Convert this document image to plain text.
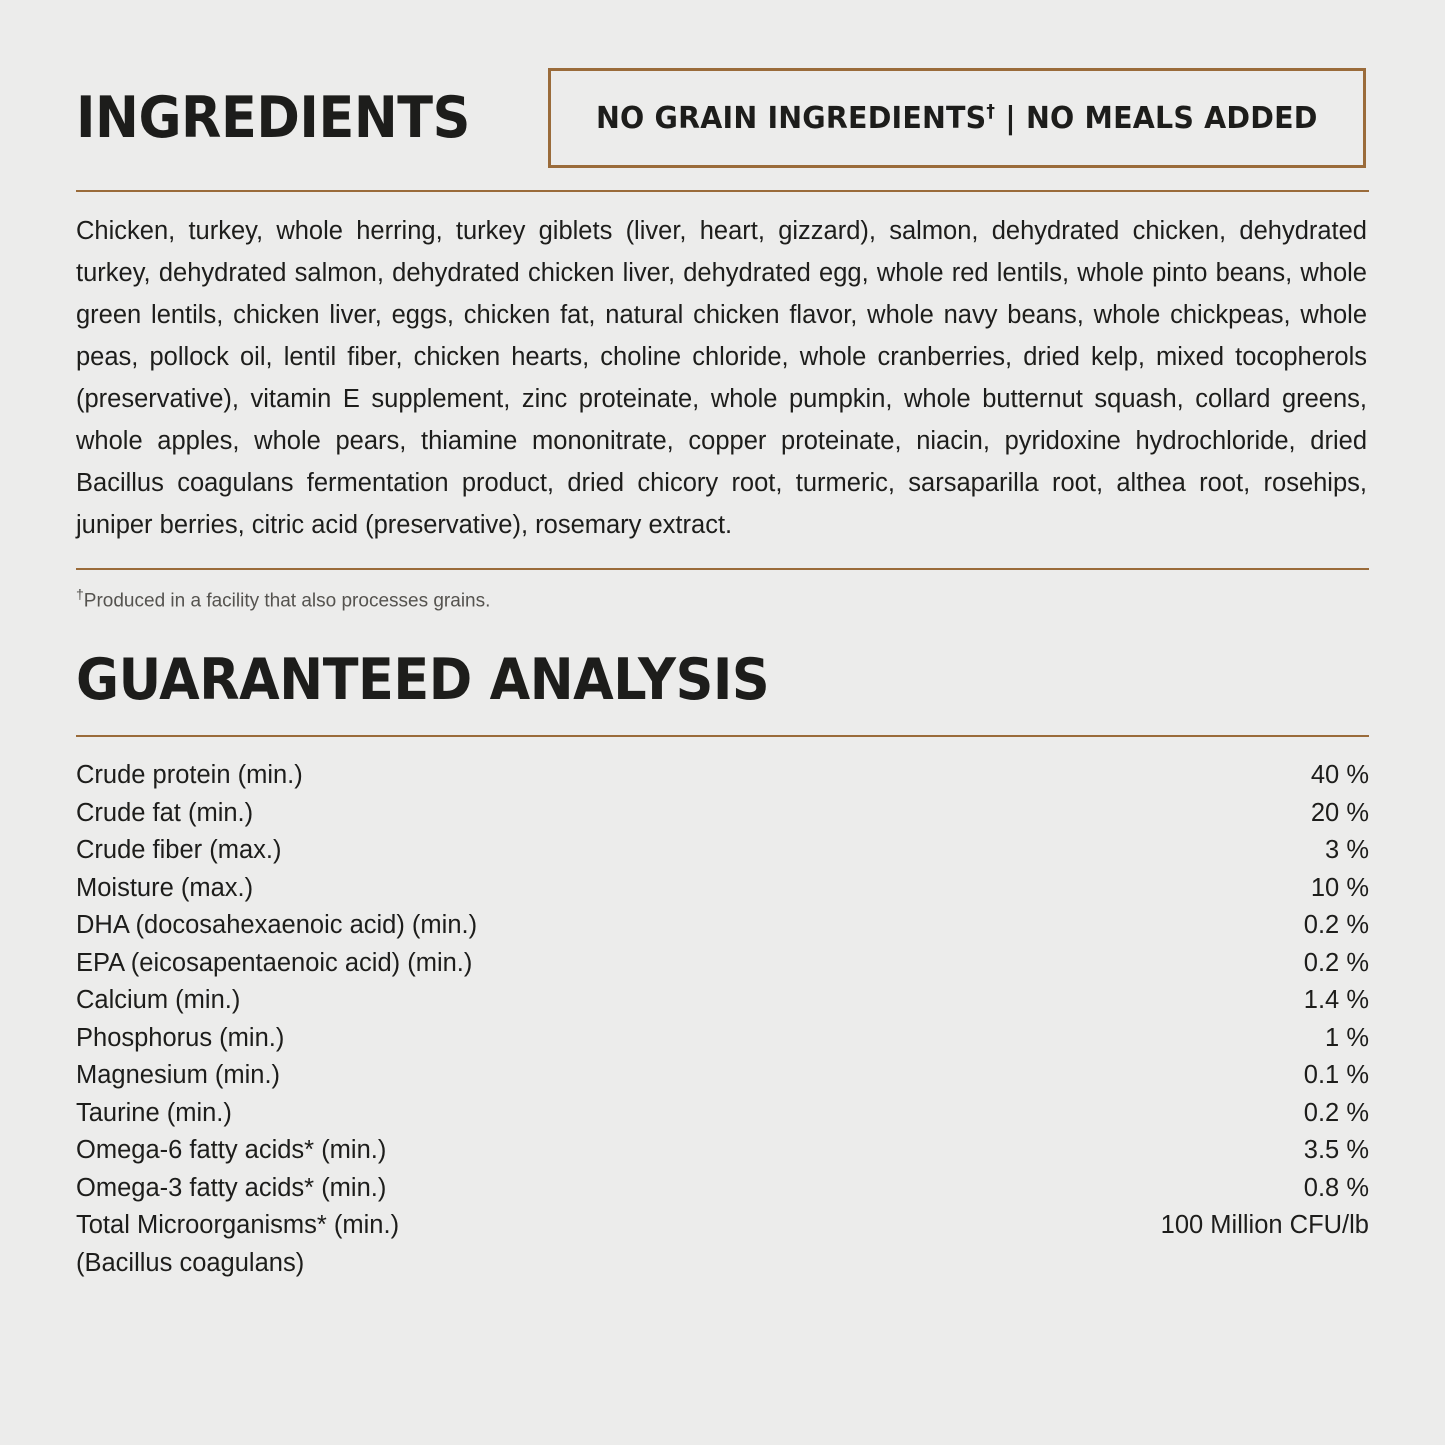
INGREDIENTS	NO GRAIN INGREDIENTS† | NO MEALS ADDED
Chicken, turkey, whole herring, turkey giblets (liver, heart, gizzard), salmon, dehydrated chicken, dehydrated turkey, dehydrated salmon, dehydrated chicken liver, dehydrated egg, whole red lentils, whole pinto beans, whole green lentils, chicken liver, eggs, chicken fat, natural chicken flavor, whole navy beans, whole chickpeas, whole peas, pollock oil, lentil fiber, chicken hearts, choline chloride, whole cranberries, dried kelp, mixed tocopherols (preservative), vitamin E supplement, zinc proteinate, whole pumpkin, whole butternut squash, collard greens, whole apples, whole pears, thiamine mononitrate, copper proteinate, niacin, pyridoxine hydrochloride, dried Bacillus coagulans fermentation product, dried chicory root, turmeric, sarsaparilla root, althea root, rosehips, juniper berries, citric acid (preservative), rosemary extract.
†Produced in a facility that also processes grains.
GUARANTEED ANALYSIS
Crude protein (min.)	40 %
Crude fat (min.)	20 %
Crude fiber (max.)	3 %
Moisture (max.)	10 %
DHA (docosahexaenoic acid) (min.)	0.2 %
EPA (eicosapentaenoic acid) (min.)	0.2 %
Calcium (min.)	1.4 %
Phosphorus (min.)	1 %
Magnesium (min.)	0.1 %
Taurine (min.)	0.2 %
Omega-6 fatty acids* (min.)	3.5 %
Omega-3 fatty acids* (min.)	0.8 %
Total Microorganisms* (min.)	100 Million CFU/lb
(Bacillus coagulans)
